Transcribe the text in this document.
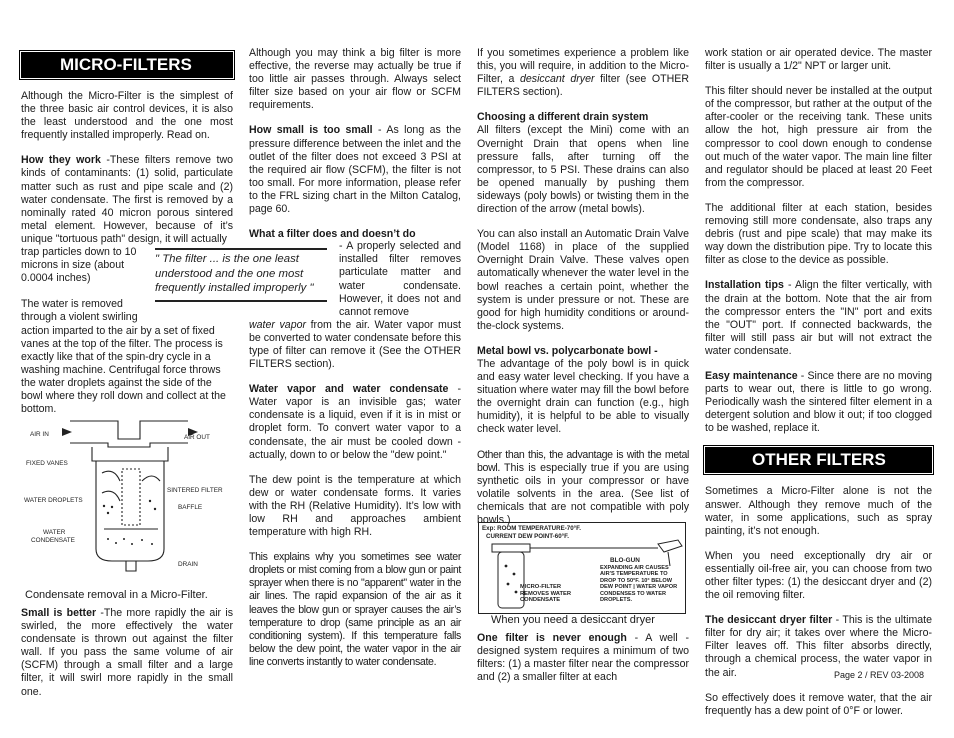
MICRO-FILTERS

Although the Micro-Filter is the simplest of the three basic air control devices, it is also the least understood and the one most frequently installed improperly. Read on.

How they work -These filters remove two kinds of contaminants: (1) solid, particulate matter such as rust and pipe scale and (2) water condensate. The first is removed by a nominally rated 40 micron porous sintered metal element. However, because of it’s unique "tortuous path" design, it will actually

trap particles down to 10 microns in size (about 0.0004 inches)

The water is removed through a violent swirling

action imparted to the air by a set of fixed vanes at the top of the filter. The process is exactly like that of the spin-dry cycle in a washing machine. Centrifugal force throws the water droplets against the side of the bowl where they roll down and collect at the bottom.

" The filter ... is the one least understood and the one most frequently installed improperly "
AIR IN	AIR OUT
FIXED VANES
WATER DROPLETS
SINTERED FILTER
BAFFLE
WATER
CONDENSATE
DRAIN
Condensate removal in a Micro-Filter.

Small is better -The more rapidly the air is swirled, the more effectively the water condensate is thrown out against the filter wall. If you pass the same volume of air (SCFM) through a small filter and a large filter, it will swirl more rapidly in the small one.

Although you may think a big filter is more effective, the reverse may actually be true if too little air passes through. Always select filter size based on your air flow or SCFM requirements.

How small is too small - As long as the pressure difference between the inlet and the outlet of the filter does not exceed 3 PSI at the required air flow (SCFM), the filter is not too small. For more information, please refer to the FRL sizing chart in the Milton Catalog, page 60.

What a filter does and doesn’t do
- A properly selected and installed filter removes particulate matter and water condensate. However, it does not and cannot remove
water vapor from the air. Water vapor must be converted to water condensate before this type of filter can remove it (See the OTHER FILTERS section).

Water vapor and water condensate - Water vapor is an invisible gas; water condensate is a liquid, even if it is in mist or droplet form. To convert water vapor to a condensate, the air must be cooled down - actually, down to or below the "dew point."

The dew point is the temperature at which dew or water condensate forms. It varies with the RH (Relative Humidity). It’s low with low RH and approaches ambient temperature with high RH.

This explains why you sometimes see water droplets or mist coming from a blow gun or paint sprayer when there is no "apparent" water in the air lines. The rapid expansion of the air as it leaves the blow gun or sprayer causes the air’s temperature to drop (same principle as an air conditioning system). If this temperature falls below the dew point, the water vapor in the air line converts instantly to water condensate.

If you sometimes experience a problem like this, you will require, in addition to the Micro-Filter, a desiccant dryer filter (see OTHER FILTERS section).

Choosing a different drain system
All filters (except the Mini) come with an Overnight Drain that opens when line pressure falls, after turning off the compressor, to 5 PSI. These drains can also be opened manually by pushing them sideways (poly bowls) or twisting them in the direction of the arrow (metal bowls).

You can also install an Automatic Drain Valve (Model 1168) in place of the supplied Overnight Drain Valve. These valves open automatically whenever the water level in the bowl reaches a certain point, whether the system is under pressure or not. These are good for high humidity conditions or around-the-clock systems.

Metal bowl vs. polycarbonate bowl -
The advantage of the poly bowl is in quick and easy water level checking. If you have a situation where water may fill the bowl before the overnight drain can function (e.g., high humidity), it is helpful to be able to visually check water level.

Other than this, the advantage is with the metal bowl. This is especially true if you are using synthetic oils in your compressor or have volatile solvents in the area. (See list of chemicals that are not compatible with poly bowls.)

Exp: ROOM TEMPERATURE-70°F.
CURRENT DEW POINT-60°F.
BLO-GUN
EXPANDING AIR CAUSES AIR'S TEMPERATURE TO DROP TO 50°F. 10° BELOW DEW POINT | WATER VAPOR CONDENSES TO WATER DROPLETS.
MICRO-FILTER REMOVES WATER CONDENSATE
When you need a desiccant dryer

One filter is never enough - A well - designed system requires a minimum of two filters: (1) a master filter near the compressor and (2) a smaller filter at each

work station or air operated device. The master filter is usually a 1/2" NPT or larger unit.

This filter should never be installed at the output of the compressor, but rather at the output of the after-cooler or the receiving tank. These units allow the hot, high pressure air from the compressor to cool down enough to condense out much of the water vapor. The main line filter and regulator should be placed at least 20 Feet from the compressor.

The additional filter at each station, besides removing still more condensate, also traps any debris (rust and pipe scale) that may make its way down the distribution pipe. Try to locate this filter as close to the device as possible.

Installation tips - Align the filter vertically, with the drain at the bottom. Note that the air from the compressor enters the "IN" port and exits the "OUT" port. If connected backwards, the filter will still pass air but will not extract the water condensate.

Easy maintenance - Since there are no moving parts to wear out, there is little to go wrong. Periodically wash the sintered filter element in a detergent solution and blow it out; if too clogged to be washed, replace it.

OTHER FILTERS

Sometimes a Micro-Filter alone is not the answer. Although they remove much of the water, in some applications, such as spray painting, it’s not enough.

When you need exceptionally dry air or essentially oil-free air, you can choose from two other filter types: (1) the desiccant dryer and (2) the oil removing filter.

The desiccant dryer filter - This is the ultimate filter for dry air; it takes over where the Micro-Filter leaves off. This filter absorbs directly, through a chemical process, the water vapor in the air.

So effectively does it remove water, that the air frequently has a dew point of 0°F or lower.

Page 2 / REV 03-2008
